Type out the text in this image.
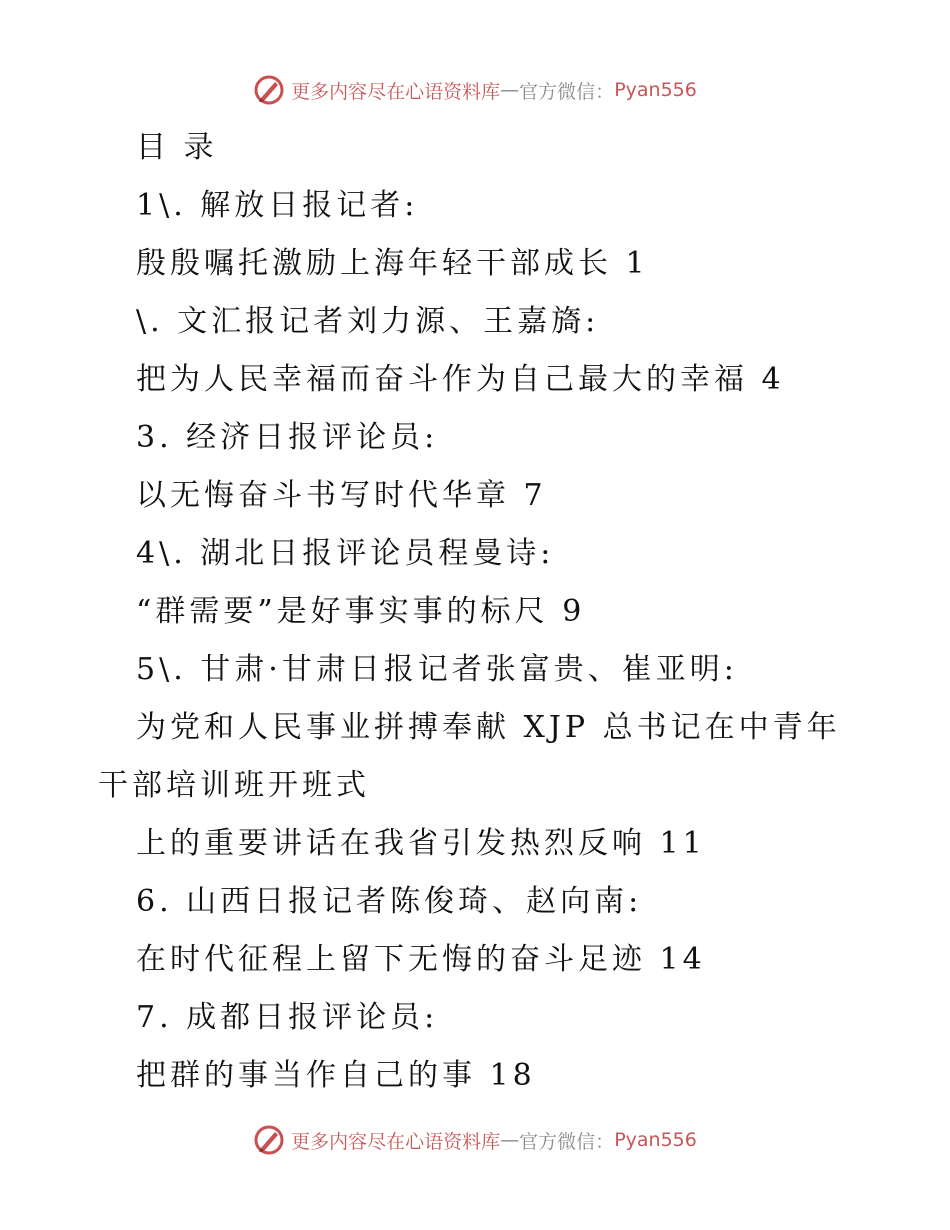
更多内容尽在心语资料库 — 官方微信： Pyan556
目 录
1\. 解放日报记者:
殷殷嘱托激励上海年轻干部成长 1
\. 文汇报记者刘力源、王嘉旖:
把为人民幸福而奋斗作为自己最大的幸福 4
3. 经济日报评论员:
以无悔奋斗书写时代华章 7
4\. 湖北日报评论员程曼诗:
“群需要”是好事实事的标尺 9
5\. 甘肃·甘肃日报记者张富贵、崔亚明:
为党和人民事业拼搏奉献 XJP 总书记在中青年
干部培训班开班式
上的重要讲话在我省引发热烈反响 11
6. 山西日报记者陈俊琦、赵向南:
在时代征程上留下无悔的奋斗足迹 14
7. 成都日报评论员:
把群的事当作自己的事 18
更多内容尽在心语资料库 — 官方微信： Pyan556
